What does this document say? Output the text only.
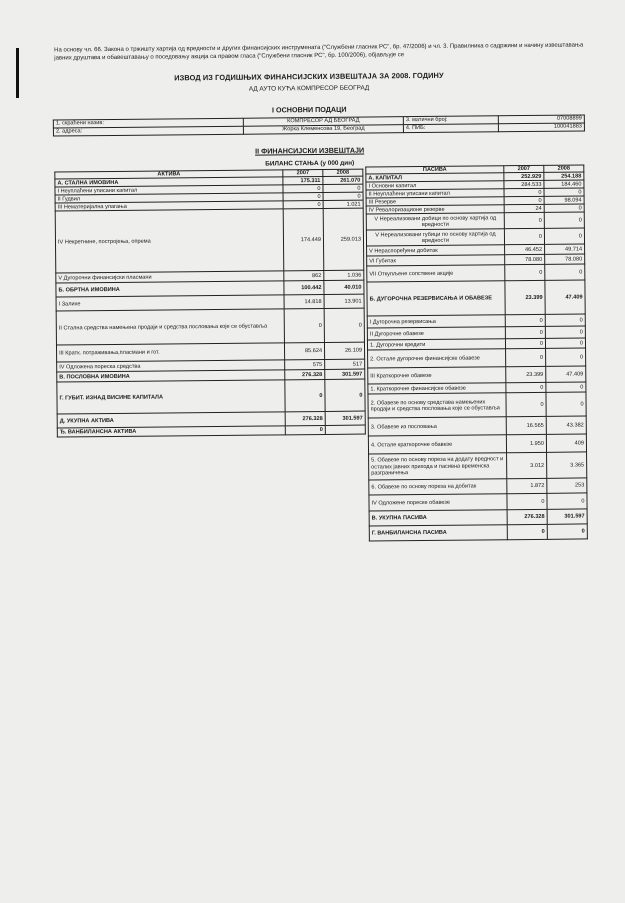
На основу чл. 66. Закона о тржишту хартија од вредности и других финансијских инструмената ("Службени гласник РС", бр. 47/2006) и чл. 3. Правилника о садржини и начину извештавања јавних друштава и обавештавању о поседовању акција са правом гласа ("Службени гласник РС", бр. 100/2006), објављује се
ИЗВОД ИЗ ГОДИШЊИХ ФИНАНСИЈСКИХ ИЗВЕШТАЈА ЗА 2008. ГОДИНУ
АД АУТО КУЋА КОМПРЕСОР БЕОГРАД
I ОСНОВНИ ПОДАЦИ
1. скраћени назив:	КОМПРЕСОР АД БЕОГРАД	3. матични број:	07008899
2. адреса:	Жорка Клеменсова 19, Београд	4. ПИБ:	100041883
II ФИНАНСИЈСКИ ИЗВЕШТАЈИ
БИЛАНС СТАЊА (у 000 дин)
АКТИВА	2007	2008
А. СТАЛНА ИМОВИНА	175.311	261.070
I Неуплаћени уписани капитал	0	0
II Гудвил	0	0
III Нематеријална улагања	0	1.021
IV Некретнине, постројења, опрема	174.449	259.013
V Дугорочни финансијски пласмани	862	1.036
Б. ОБРТНА ИМОВИНА	100.442	40.010
I Залихе	14.818	13.901
II Стална средства намењена продаји и средства пословања које се обуставља	0	0
III Кратк. потраживања,пласмани и гот.	85.624	26.109
IV Одложена пореска средства	575	517
В. ПОСЛОВНА ИМОВИНА	276.328	301.597
Г. ГУБИТ. ИЗНАД ВИСИНЕ КАПИТАЛА	0	0
Д. УКУПНА АКТИВА	276.328	301.597
Ђ. ВАНБИЛАНСНА АКТИВА	0	
ПАСИВА	2007	2008
А. КАПИТАЛ	252.929	254.188
I Основни капитал	284.533	184.460
II Неуплаћени уписани капитал	0	0
III Резерве	0	98.094
IV Ревалоризационе резерве	24	0
V Нереализовани добици по основу хартија од вредности	0	0
V Нереализовани губици по основу хартија од вредности	0	0
V Нераспоређени добитак	46.452	49.714
VI Губитак	78.080	78.080
VII Откупљене сопствене акције	0	0
Б. ДУГОРОЧНА РЕЗЕРВИСАЊА И ОБАВЕЗЕ	23.399	47.409
I Дугорочна резервисања	0	0
II Дугорочне обавезе	0	0
1. Дугорочни кредити	0	0
2. Остале дугорочне финансијске обавезе	0	0
III Краткорочне обавезе	23.399	47.409
1. Краткорочне финансијске обавезе	0	0
2. Обавезе по основу средстава намењених продаји и средства пословања које се обуставља	0	0
3. Обавезе из пословања	16.565	43.382
4. Остале краткорочне обавезе	1.950	409
5. Обавезе по основу пореза на додату вредност и осталих јавних прихода и пасивна временска разграничења	3.012	3.365
6. Обавезе по основу пореза на добитак	1.872	253
IV Одложене пореске обавезе	0	0
В. УКУПНА ПАСИВА	276.328	301.597
Г. ВАНБИЛАНСНА ПАСИВА	0	0
